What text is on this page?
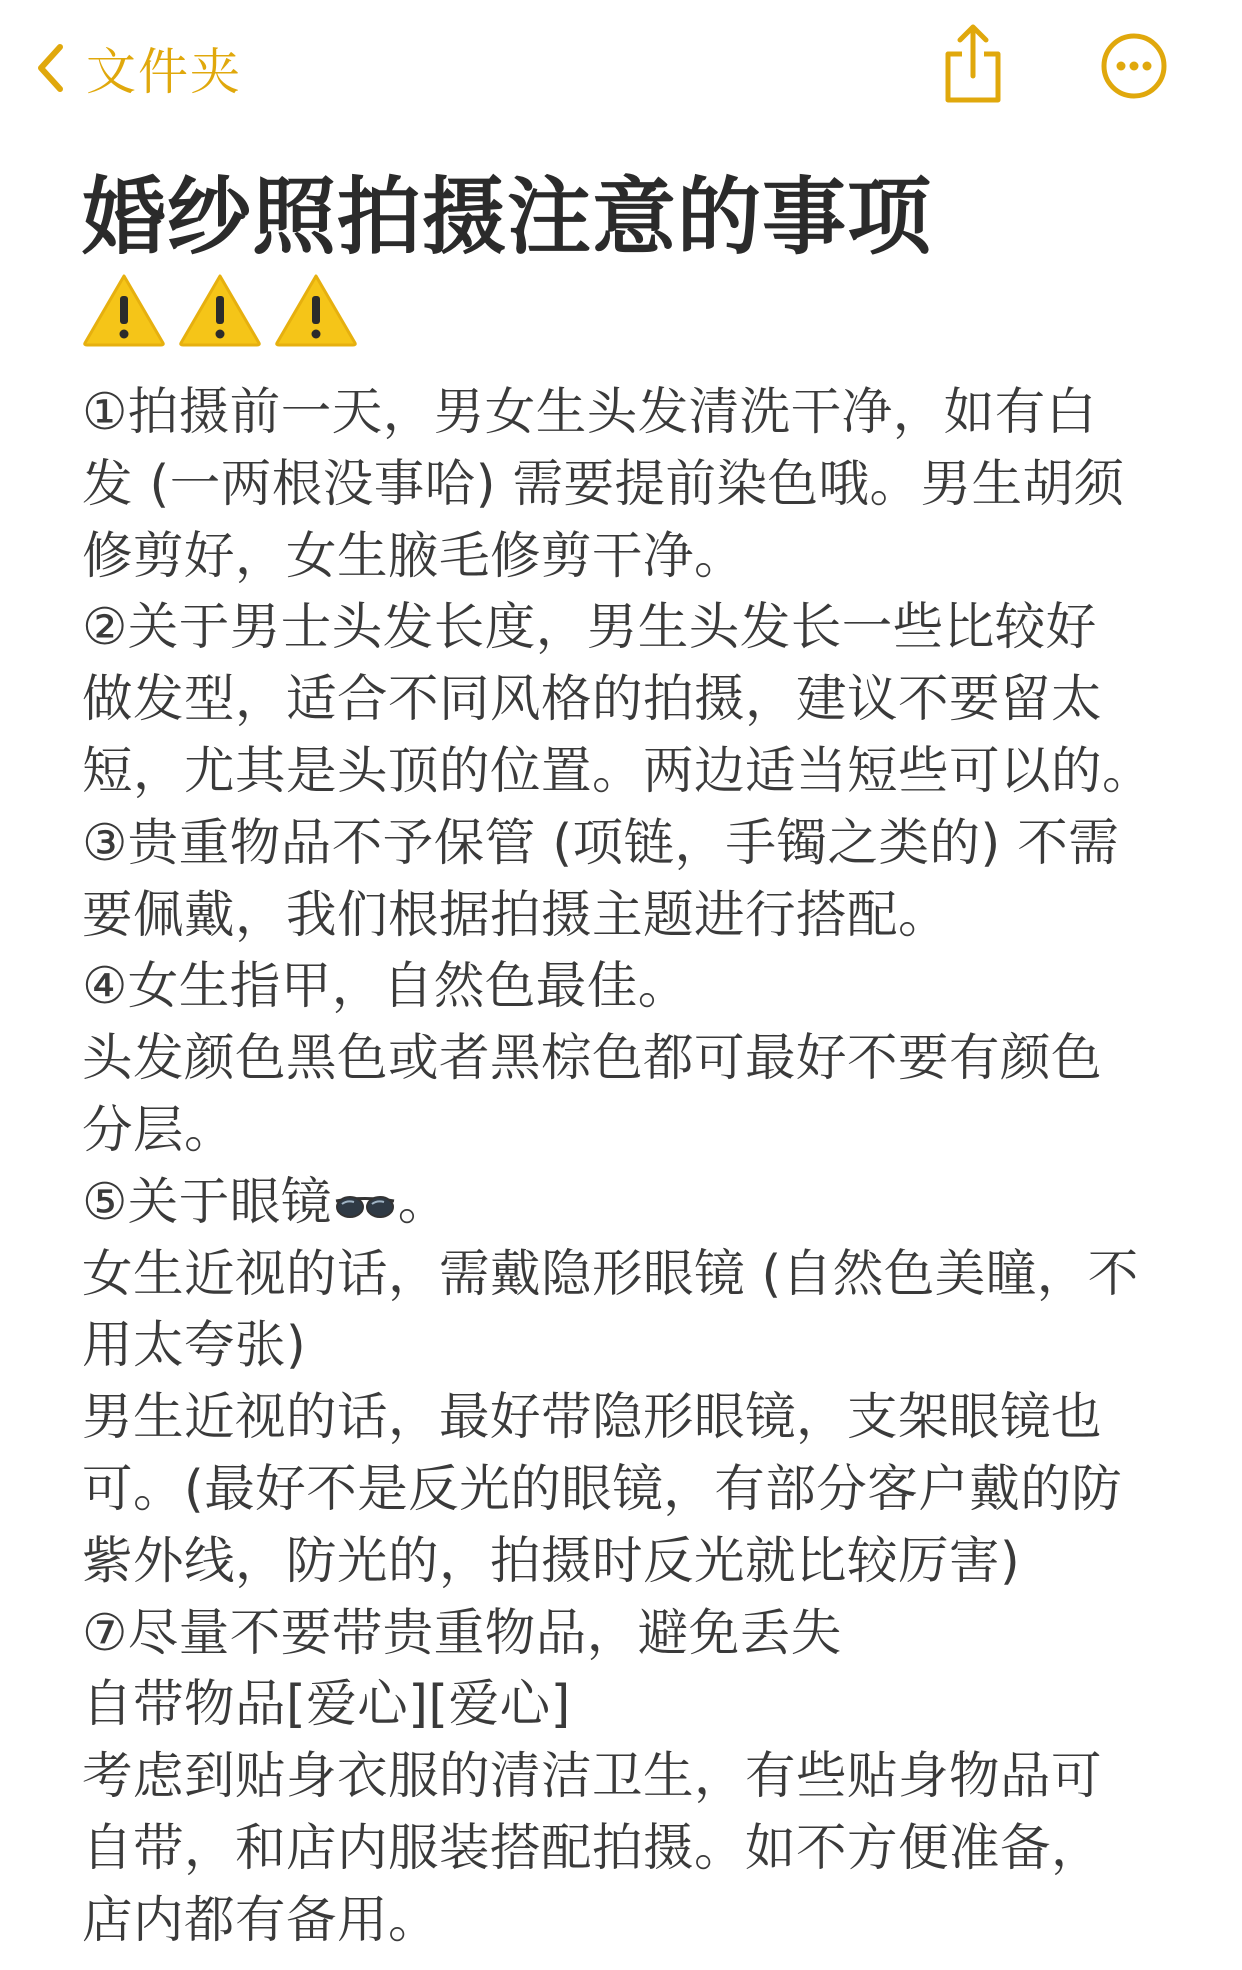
文件夹
婚纱照拍摄注意的事项
①拍摄前一天，男女生头发清洗干净，如有白
发 (一两根没事哈) 需要提前染色哦。男生胡须
修剪好，女生腋毛修剪干净。
②关于男士头发长度，男生头发长一些比较好
做发型，适合不同风格的拍摄，建议不要留太
短，尤其是头顶的位置。两边适当短些可以的。
③贵重物品不予保管 (项链，手镯之类的) 不需
要佩戴，我们根据拍摄主题进行搭配。
④女生指甲，自然色最佳。
头发颜色黑色或者黑棕色都可最好不要有颜色
分层。
⑤关于眼镜 。
女生近视的话，需戴隐形眼镜 (自然色美瞳，不
用太夸张)
男生近视的话，最好带隐形眼镜，支架眼镜也
可。(最好不是反光的眼镜，有部分客户戴的防
紫外线，防光的，拍摄时反光就比较厉害)
⑦尽量不要带贵重物品，避免丢失
自带物品[爱心][爱心]
考虑到贴身衣服的清洁卫生，有些贴身物品可
自带，和店内服装搭配拍摄。如不方便准备，
店内都有备用。
